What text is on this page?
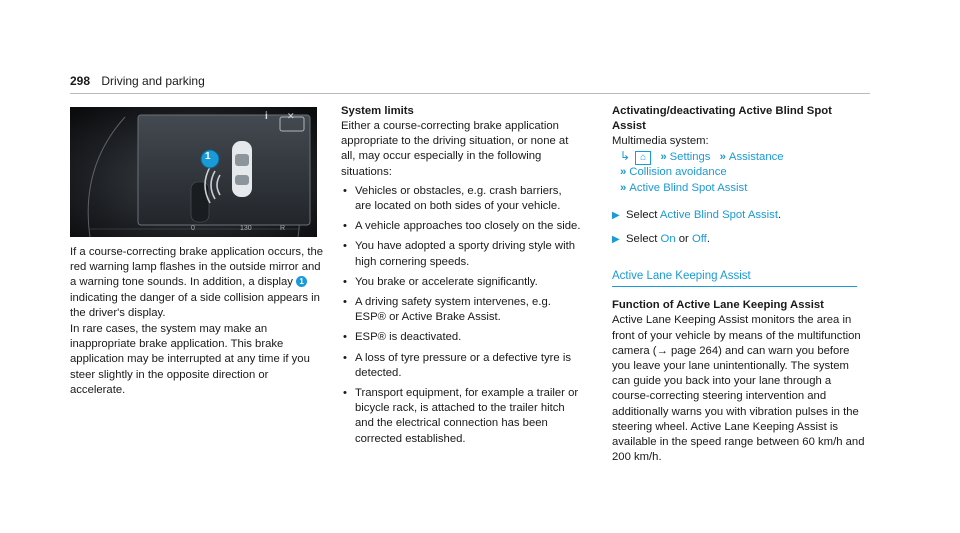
298 Driving and parking
i ✕
1
0	130	R
If a course-correcting brake application occurs, the red warning lamp flashes in the outside mirror and a warning tone sounds. In addition, a display 1 indicating the danger of a side collision appears in the driver's display.
In rare cases, the system may make an inappropriate brake application. This brake application may be interrupted at any time if you steer slightly in the opposite direction or accelerate.
System limits
Either a course-correcting brake application appropriate to the driving situation, or none at all, may occur especially in the following situations:
• Vehicles or obstacles, e.g. crash barriers, are located on both sides of your vehicle.
• A vehicle approaches too closely on the side.
• You have adopted a sporty driving style with high cornering speeds.
• You brake or accelerate significantly.
• A driving safety system intervenes, e.g. ESP® or Active Brake Assist.
• ESP® is deactivated.
• A loss of tyre pressure or a defective tyre is detected.
• Transport equipment, for example a trailer or bicycle rack, is attached to the trailer hitch and the electrical connection has been corrected established.
Activating/deactivating Active Blind Spot Assist
Multimedia system:
↳ ⌂ » Settings » Assistance
» Collision avoidance
» Active Blind Spot Assist
▶ Select Active Blind Spot Assist.
▶ Select On or Off.
Active Lane Keeping Assist
Function of Active Lane Keeping Assist
Active Lane Keeping Assist monitors the area in front of your vehicle by means of the multifunction camera (→ page 264) and can warn you before you leave your lane unintentionally. The system can guide you back into your lane through a course-correcting steering intervention and additionally warns you with vibration pulses in the steering wheel. Active Lane Keeping Assist is available in the speed range between 60 km/h and 200 km/h.
